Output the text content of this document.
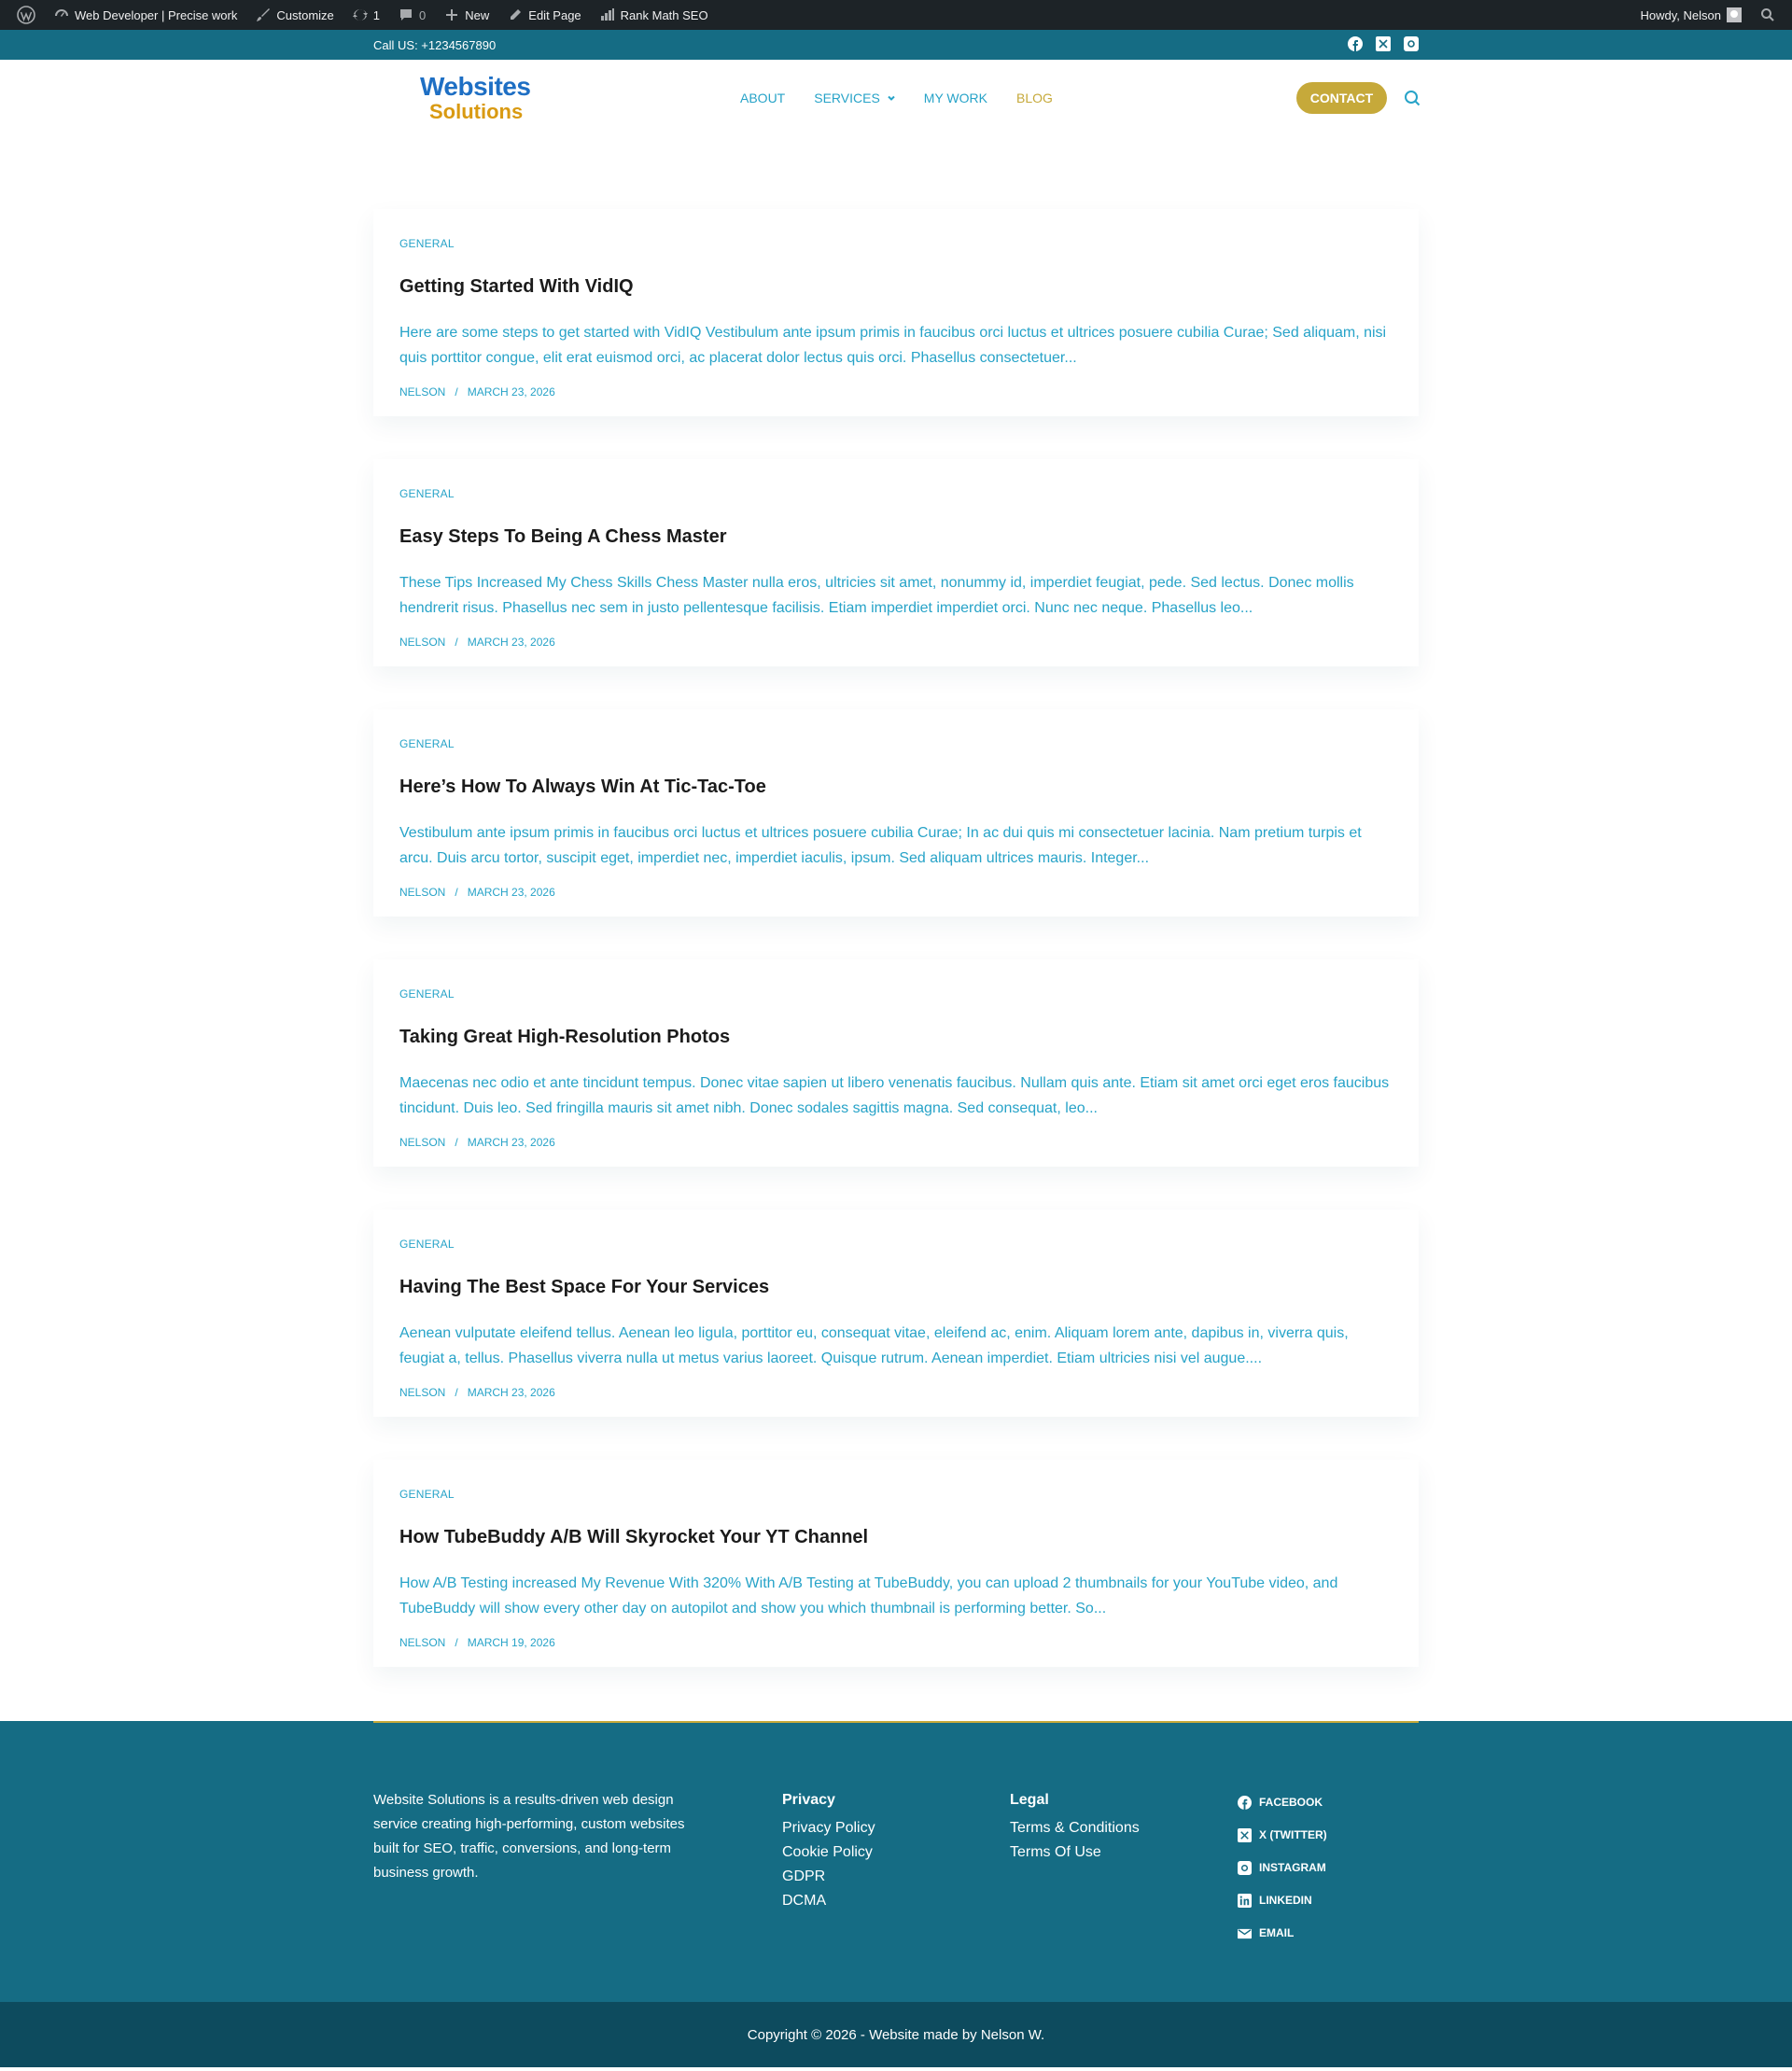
Web Developer | Precise work	Customize	1	0	New	Edit Page	Rank Math SEO	Howdy, Nelson
Call US: +1234567890
Websites
Solutions
ABOUT SERVICES	MY WORK BLOG	CONTACT
GENERAL
Getting Started With VidIQ

Here are some steps to get started with VidIQ Vestibulum ante ipsum primis in faucibus orci luctus et ultrices posuere cubilia Curae; Sed aliquam, nisi quis porttitor congue, elit erat euismod orci, ac placerat dolor lectus quis orci. Phasellus consectetuer...

NELSON / MARCH 23, 2026
GENERAL
Easy Steps To Being A Chess Master

These Tips Increased My Chess Skills Chess Master nulla eros, ultricies sit amet, nonummy id, imperdiet feugiat, pede. Sed lectus. Donec mollis hendrerit risus. Phasellus nec sem in justo pellentesque facilisis. Etiam imperdiet imperdiet orci. Nunc nec neque. Phasellus leo...

NELSON / MARCH 23, 2026
GENERAL
Here’s How To Always Win At Tic-Tac-Toe

Vestibulum ante ipsum primis in faucibus orci luctus et ultrices posuere cubilia Curae; In ac dui quis mi consectetuer lacinia. Nam pretium turpis et arcu. Duis arcu tortor, suscipit eget, imperdiet nec, imperdiet iaculis, ipsum. Sed aliquam ultrices mauris. Integer...

NELSON / MARCH 23, 2026
GENERAL
Taking Great High-Resolution Photos

Maecenas nec odio et ante tincidunt tempus. Donec vitae sapien ut libero venenatis faucibus. Nullam quis ante. Etiam sit amet orci eget eros faucibus tincidunt. Duis leo. Sed fringilla mauris sit amet nibh. Donec sodales sagittis magna. Sed consequat, leo...

NELSON / MARCH 23, 2026
GENERAL
Having The Best Space For Your Services

Aenean vulputate eleifend tellus. Aenean leo ligula, porttitor eu, consequat vitae, eleifend ac, enim. Aliquam lorem ante, dapibus in, viverra quis, feugiat a, tellus. Phasellus viverra nulla ut metus varius laoreet. Quisque rutrum. Aenean imperdiet. Etiam ultricies nisi vel augue....

NELSON / MARCH 23, 2026
GENERAL
How TubeBuddy A/B Will Skyrocket Your YT Channel

How A/B Testing increased My Revenue With 320% With A/B Testing at TubeBuddy, you can upload 2 thumbnails for your YouTube video, and TubeBuddy will show every other day on autopilot and show you which thumbnail is performing better. So...

NELSON / MARCH 19, 2026

Website Solutions is a results-driven web design service creating high-performing, custom websites built for SEO, traffic, conversions, and long-term business growth.

Privacy
Privacy Policy
Cookie Policy
GDPR
DCMA
Legal
Terms & Conditions
Terms Of Use
FACEBOOK
X (TWITTER)
INSTAGRAM
LINKEDIN
EMAIL
Copyright © 2026 - Website made by Nelson W.
